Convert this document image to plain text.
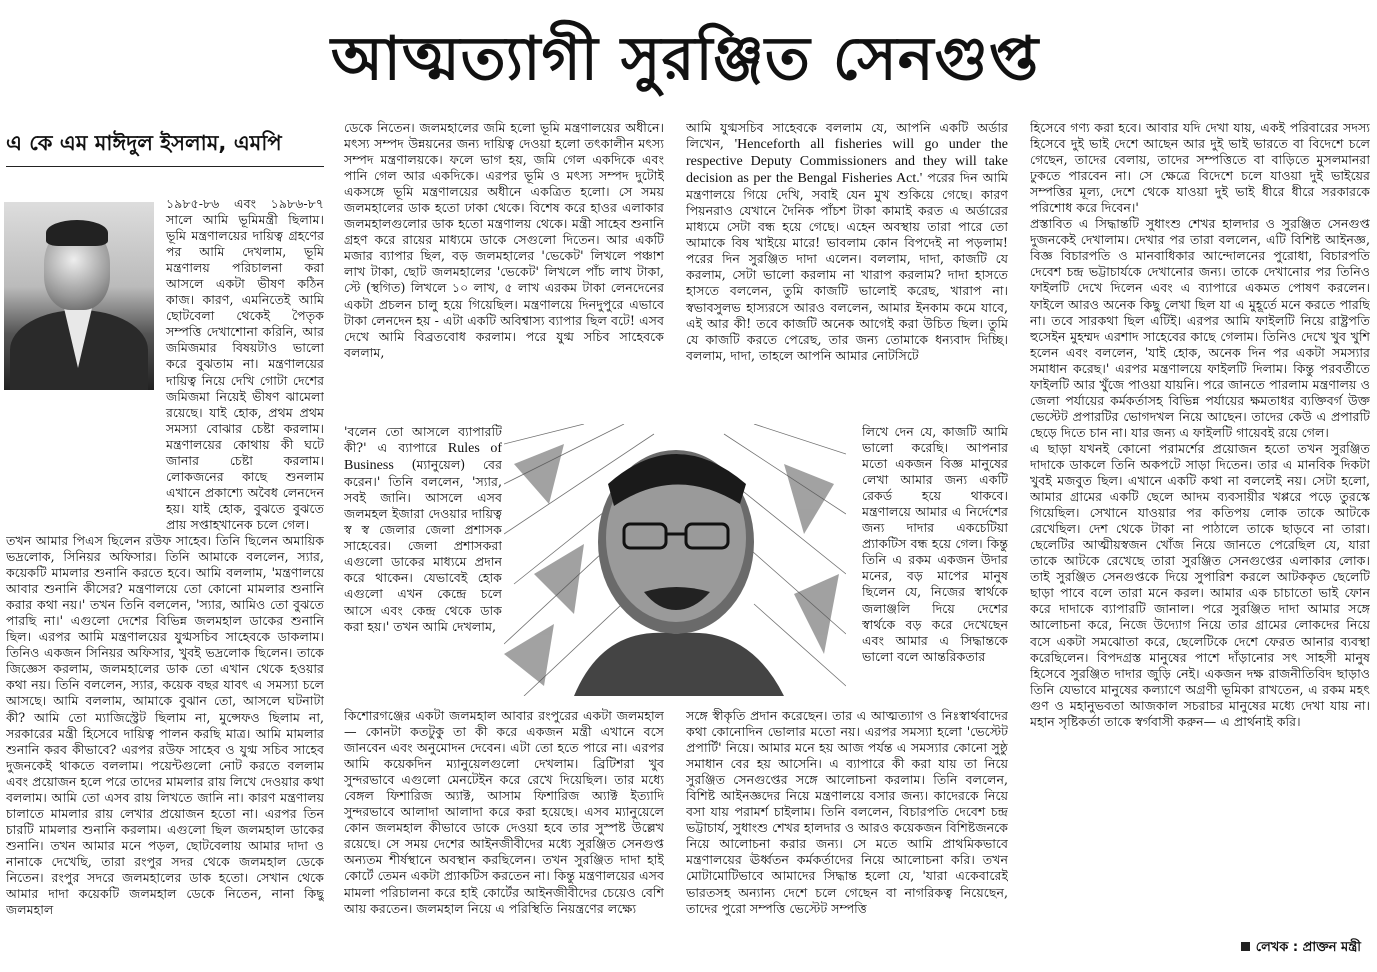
আত্মত্যাগী সুরঞ্জিত সেনগুপ্ত
এ কে এম মাঈদুল ইসলাম, এমপি

১৯৮৫-৮৬ এবং ১৯৮৬-৮৭ সালে আমি ভূমিমন্ত্রী ছিলাম। ভূমি মন্ত্রণালয়ের দায়িত্ব গ্রহণের পর আমি দেখলাম, ভূমি মন্ত্রণালয় পরিচালনা করা আসলে একটা ভীষণ কঠিন কাজ। কারণ, এমনিতেই আমি ছোটবেলা থেকেই পৈতৃক সম্পত্তি দেখাশোনা করিনি, আর জমিজমার বিষয়টাও ভালো করে বুঝতাম না। মন্ত্রণালয়ের দায়িত্ব নিয়ে দেখি গোটা দেশের জমিজমা নিয়েই ভীষণ ঝামেলা রয়েছে। যাই হোক, প্রথম প্রথম সমস্যা বোঝার চেষ্টা করলাম। মন্ত্রণালয়ের কোথায় কী ঘটে জানার চেষ্টা করলাম। লোকজনের কাছে শুনলাম এখানে প্রকাশ্যে অবৈধ লেনদেন হয়। যাই হোক, বুঝতে বুঝতে প্রায় সপ্তাহখানেক চলে গেল।

তখন আমার পিএস ছিলেন রউফ সাহেব। তিনি ছিলেন অমায়িক ভদ্রলোক, সিনিয়র অফিসার। তিনি আমাকে বললেন, স্যার, কয়েকটি মামলার শুনানি করতে হবে। আমি বললাম, 'মন্ত্রণালয়ে আবার শুনানি কীসের? মন্ত্রণালয়ে তো কোনো মামলার শুনানি করার কথা নয়।' তখন তিনি বললেন, 'স্যার, আমিও তো বুঝতে পারছি না।' এগুলো দেশের বিভিন্ন জলমহাল ডাকের শুনানি ছিল। এরপর আমি মন্ত্রণালয়ের যুগ্মসচিব সাহেবকে ডাকলাম। তিনিও একজন সিনিয়র অফিসার, খুবই ভদ্রলোক ছিলেন। তাকে জিজ্ঞেস করলাম, জলমহালের ডাক তো এখান থেকে হওয়ার কথা নয়। তিনি বললেন, স্যার, কয়েক বছর যাবৎ এ সমস্যা চলে আসছে। আমি বললাম, আমাকে বুঝান তো, আসলে ঘটনাটা কী? আমি তো ম্যাজিস্ট্রেট ছিলাম না, মুন্সেফও ছিলাম না, সরকারের মন্ত্রী হিসেবে দায়িত্ব পালন করছি মাত্র। আমি মামলার শুনানি করব কীভাবে? এরপর রউফ সাহেব ও যুগ্ম সচিব সাহেব দুজনকেই থাকতে বললাম। পয়েন্টগুলো নোট করতে বললাম এবং প্রয়োজন হলে পরে তাদের মামলার রায় লিখে দেওয়ার কথা বললাম। আমি তো এসব রায় লিখতে জানি না। কারণ মন্ত্রণালয় চালাতে মামলার রায় লেখার প্রয়োজন হতো না। এরপর তিন চারটি মামলার শুনানি করলাম। এগুলো ছিল জলমহাল ডাকের শুনানি। তখন আমার মনে পড়ল, ছোটবেলায় আমার দাদা ও নানাকে দেখেছি, তারা রংপুর সদর থেকে জলমহাল ডেকে নিতেন। রংপুর সদরে জলমহালের ডাক হতো। সেখান থেকে আমার দাদা কয়েকটি জলমহাল ডেকে নিতেন, নানা কিছু জলমহাল

ডেকে নিতেন। জলমহালের জমি হলো ভূমি মন্ত্রণালয়ের অধীনে। মৎস্য সম্পদ উন্নয়নের জন্য দায়িত্ব দেওয়া হলো তৎকালীন মৎস্য সম্পদ মন্ত্রণালয়কে। ফলে ভাগ হয়, জমি গেল একদিকে এবং পানি গেল আর একদিকে। এরপর ভূমি ও মৎস্য সম্পদ দুটোই একসঙ্গে ভূমি মন্ত্রণালয়ের অধীনে একত্রিত হলো। সে সময় জলমহালের ডাক হতো ঢাকা থেকে। বিশেষ করে হাওর এলাকার জলমহালগুলোর ডাক হতো মন্ত্রণালয় থেকে। মন্ত্রী সাহেব শুনানি গ্রহণ করে রায়ের মাধ্যমে ডাকে সেগুলো দিতেন। আর একটি মজার ব্যাপার ছিল, বড় জলমহালের 'ভেকেট' লিখলে পঞ্চাশ লাখ টাকা, ছোট জলমহালের 'ভেকেট' লিখলে পাঁচ লাখ টাকা, স্টে (স্থগিত) লিখলে ১০ লাখ, ৫ লাখ এরকম টাকা লেনদেনের একটা প্রচলন চালু হয়ে গিয়েছিল। মন্ত্রণালয়ে দিনদুপুরে এভাবে টাকা লেনদেন হয় - এটা একটি অবিশ্বাস্য ব্যাপার ছিল বটে! এসব দেখে আমি বিব্রতবোধ করলাম। পরে যুগ্ম সচিব সাহেবকে বললাম,

'বলেন তো আসলে ব্যাপারটি কী?' এ ব্যাপারে Rules of Business (ম্যানুয়েল) বের করেন।' তিনি বললেন, 'স্যার, সবই জানি। আসলে এসব জলমহল ইজারা দেওয়ার দায়িত্ব স্ব স্ব জেলার জেলা প্রশাসক সাহেবের। জেলা প্রশাসকরা এগুলো ডাকের মাধ্যমে প্রদান করে থাকেন। যেভাবেই হোক এগুলো এখন কেন্দ্রে চলে আসে এবং কেন্দ্র থেকে ডাক করা হয়।' তখন আমি দেখলাম,

কিশোরগঞ্জের একটা জলমহাল আবার রংপুরের একটা জলমহাল— কোনটা কতটুকু তা কী করে একজন মন্ত্রী এখানে বসে জানবেন এবং অনুমোদন দেবেন। এটা তো হতে পারে না। এরপর আমি কয়েকদিন ম্যানুয়েলগুলো দেখলাম। ব্রিটিশরা খুব সুন্দরভাবে এগুলো মেনটেইন করে রেখে দিয়েছিল। তার মধ্যে বেঙ্গল ফিশারিজ অ্যাক্ট, আসাম ফিশারিজ অ্যাক্ট ইত্যাদি সুন্দরভাবে আলাদা আলাদা করে করা হয়েছে। এসব ম্যানুয়েলে কোন জলমহাল কীভাবে ডাকে দেওয়া হবে তার সুস্পষ্ট উল্লেখ রয়েছে। সে সময় দেশের আইনজীবীদের মধ্যে সুরঞ্জিত সেনগুপ্ত অন্যতম শীর্ষস্থানে অবস্থান করছিলেন। তখন সুরঞ্জিত দাদা হাই কোর্টে তেমন একটা প্র্যাকটিস করতেন না। কিন্তু মন্ত্রণালয়ের এসব মামলা পরিচালনা করে হাই কোর্টের আইনজীবীদের চেয়েও বেশি আয় করতেন। জলমহাল নিয়ে এ পরিস্থিতি নিয়ন্ত্রণের লক্ষ্যে

আমি যুগ্মসচিব সাহেবকে বললাম যে, আপনি একটি অর্ডার লিখেন, 'Henceforth all fisheries will go under the respective Deputy Commissioners and they will take decision as per the Bengal Fisheries Act.' পরের দিন আমি মন্ত্রণালয়ে গিয়ে দেখি, সবাই যেন মুখ শুকিয়ে গেছে। কারণ পিয়নরাও যেখানে দৈনিক পাঁচশ টাকা কামাই করত এ অর্ডারের মাধ্যমে সেটা বন্ধ হয়ে গেছে। এহেন অবস্থায় তারা পারে তো আমাকে বিষ খাইয়ে মারে! ভাবলাম কোন বিপদেই না পড়লাম! পরের দিন সুরঞ্জিত দাদা এলেন। বললাম, দাদা, কাজটি যে করলাম, সেটা ভালো করলাম না খারাপ করলাম? দাদা হাসতে হাসতে বললেন, তুমি কাজটি ভালোই করেছ, খারাপ না। স্বভাবসুলভ হাস্যরসে আরও বললেন, আমার ইনকাম কমে যাবে, এই আর কী! তবে কাজটি অনেক আগেই করা উচিত ছিল। তুমি যে কাজটি করতে পেরেছ, তার জন্য তোমাকে ধন্যবাদ দিচ্ছি। বললাম, দাদা, তাহলে আপনি আমার নোটসিটে

লিখে দেন যে, কাজটি আমি ভালো করেছি। আপনার মতো একজন বিজ্ঞ মানুষের লেখা আমার জন্য একটি রেকর্ড হয়ে থাকবে। মন্ত্রণালয়ে আমার এ নির্দেশের জন্য দাদার একচেটিয়া প্র্যাকটিস বন্ধ হয়ে গেল। কিন্তু তিনি এ রকম একজন উদার মনের, বড় মাপের মানুষ ছিলেন যে, নিজের স্বার্থকে জলাঞ্জলি দিয়ে দেশের স্বার্থকে বড় করে দেখেছেন এবং আমার এ সিদ্ধান্তকে ভালো বলে আন্তরিকতার

সঙ্গে স্বীকৃতি প্রদান করেছেন। তার এ আত্মত্যাগ ও নিঃস্বার্থবাদের কথা কোনোদিন ভোলার মতো নয়। এরপর সমস্যা হলো 'ভেস্টেট প্রপার্টি' নিয়ে। আমার মনে হয় আজ পর্যন্ত এ সমস্যার কোনো সুষ্ঠু সমাধান বের হয় আসেনি। এ ব্যাপারে কী করা যায় তা নিয়ে সুরঞ্জিত সেনগুপ্তের সঙ্গে আলোচনা করলাম। তিনি বললেন, বিশিষ্ট আইনজ্ঞদের নিয়ে মন্ত্রণালয়ে বসার জন্য। কাদেরকে নিয়ে বসা যায় পরামর্শ চাইলাম। তিনি বললেন, বিচারপতি দেবেশ চন্দ্র ভট্টাচার্য, সুধাংশু শেখর হালদার ও আরও কয়েকজন বিশিষ্টজনকে নিয়ে আলোচনা করার জন্য। সে মতে আমি প্রাথমিকভাবে মন্ত্রণালয়ের ঊর্ধ্বতন কর্মকর্তাদের নিয়ে আলোচনা করি। তখন মোটামোটিভাবে আমাদের সিদ্ধান্ত হলো যে, 'যারা একেবারেই ভারতসহ অন্যান্য দেশে চলে গেছেন বা নাগরিকত্ব নিয়েছেন, তাদের পুরো সম্পত্তি ভেস্টেট সম্পত্তি

হিসেবে গণ্য করা হবে। আবার যদি দেখা যায়, একই পরিবারের সদস্য হিসেবে দুই ভাই দেশে আছেন আর দুই ভাই ভারতে বা বিদেশে চলে গেছেন, তাদের বেলায়, তাদের সম্পত্তিতে বা বাড়িতে মুসলমানরা ঢুকতে পারবেন না। সে ক্ষেত্রে বিদেশে চলে যাওয়া দুই ভাইয়ের সম্পত্তির মূল্য, দেশে থেকে যাওয়া দুই ভাই ধীরে ধীরে সরকারকে পরিশোধ করে দিবেন।'

প্রস্তাবিত এ সিদ্ধান্তটি সুধাংশু শেখর হালদার ও সুরঞ্জিত সেনগুপ্ত দুজনকেই দেখালাম। দেখার পর তারা বললেন, এটি বিশিষ্ট আইনজ্ঞ, বিজ্ঞ বিচারপতি ও মানবাধিকার আন্দোলনের পুরোধা, বিচারপতি দেবেশ চন্দ্র ভট্টাচার্যকে দেখানোর জন্য। তাকে দেখানোর পর তিনিও ফাইলটি দেখে দিলেন এবং এ ব্যাপারে একমত পোষণ করলেন। ফাইলে আরও অনেক কিছু লেখা ছিল যা এ মুহূর্তে মনে করতে পারছি না। তবে সারকথা ছিল এটিই। এরপর আমি ফাইলটি নিয়ে রাষ্ট্রপতি হুসেইন মুহম্মদ এরশাদ সাহেবের কাছে গেলাম। তিনিও দেখে খুব খুশি হলেন এবং বললেন, 'যাই হোক, অনেক দিন পর একটা সমস্যার সমাধান করেছ।' এরপর মন্ত্রণালয়ে ফাইলটি দিলাম। কিন্তু পরবর্তীতে ফাইলটি আর খুঁজে পাওয়া যায়নি। পরে জানতে পারলাম মন্ত্রণালয় ও জেলা পর্যায়ের কর্মকর্তাসহ বিভিন্ন পর্যায়ের ক্ষমতাধর ব্যক্তিবর্গ উক্ত ভেস্টেট প্রপারটির ভোগদখল নিয়ে আছেন। তাদের কেউ এ প্রপারটি ছেড়ে দিতে চান না। যার জন্য এ ফাইলটি গায়েবই রয়ে গেল।

এ ছাড়া যখনই কোনো পরামর্শের প্রয়োজন হতো তখন সুরঞ্জিত দাদাকে ডাকলে তিনি অকপটে সাড়া দিতেন। তার এ মানবিক দিকটা খুবই মজবুত ছিল। এখানে একটি কথা না বললেই নয়। সেটা হলো, আমার গ্রামের একটি ছেলে আদম ব্যবসায়ীর খপ্পরে পড়ে তুরস্কে গিয়েছিল। সেখানে যাওয়ার পর কতিপয় লোক তাকে আটকে রেখেছিল। দেশ থেকে টাকা না পাঠালে তাকে ছাড়বে না তারা। ছেলেটির আত্মীয়স্বজন খোঁজ নিয়ে জানতে পেরেছিল যে, যারা তাকে আটকে রেখেছে তারা সুরঞ্জিত সেনগুপ্তের এলাকার লোক। তাই সুরঞ্জিত সেনগুপ্তকে দিয়ে সুপারিশ করলে আটককৃত ছেলেটি ছাড়া পাবে বলে তারা মনে করল। আমার এক চাচাতো ভাই ফোন করে দাদাকে ব্যাপারটি জানাল। পরে সুরঞ্জিত দাদা আমার সঙ্গে আলোচনা করে, নিজে উদ্যোগ নিয়ে তার গ্রামের লোকদের নিয়ে বসে একটা সমঝোতা করে, ছেলেটিকে দেশে ফেরত আনার ব্যবস্থা করেছিলেন। বিপদগ্রস্ত মানুষের পাশে দাঁড়ানোর সৎ সাহসী মানুষ হিসেবে সুরঞ্জিত দাদার জুড়ি নেই। একজন দক্ষ রাজনীতিবিদ ছাড়াও তিনি যেভাবে মানুষের কল্যাণে অগ্রণী ভূমিকা রাখতেন, এ রকম মহৎ গুণ ও মহানুভবতা আজকাল সচরাচর মানুষের মধ্যে দেখা যায় না। মহান সৃষ্টিকর্তা তাকে স্বর্গবাসী করুন— এ প্রার্থনাই করি।

লেখক : প্রাক্তন মন্ত্রী
